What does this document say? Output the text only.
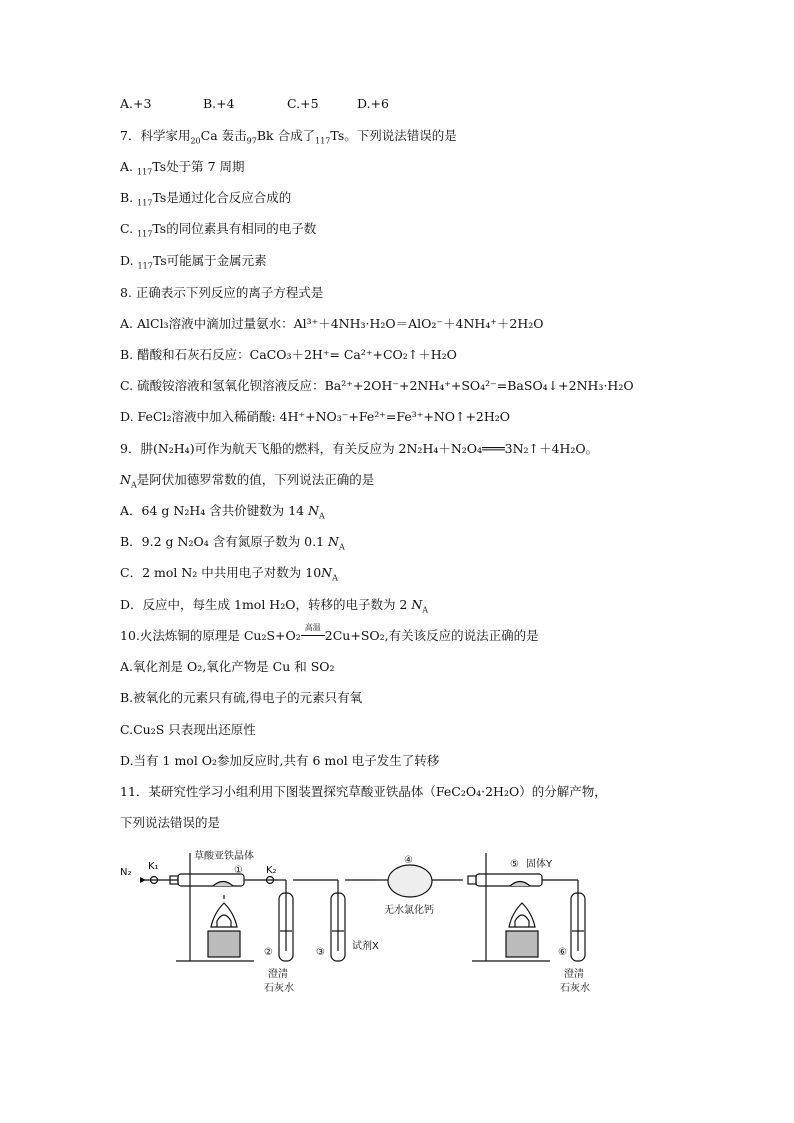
A.+3	B.+4	C.+5	D.+6
7．科学家用$_{20}$Ca 轰击$_{97}$Bk 合成了$_{117}$Ts。下列说法错误的是
A. $_{117}$Ts处于第 7 周期
B. $_{117}$Ts是通过化合反应合成的
C. $_{117}$Ts的同位素具有相同的电子数
D. $_{117}$Ts可能属于金属元素
8. 正确表示下列反应的离子方程式是
A. AlCl₃溶液中滴加过量氨水：Al³⁺＋4NH₃·H₂O＝AlO₂⁻＋4NH₄⁺＋2H₂O
B. 醋酸和石灰石反应：CaCO₃＋2H⁺= Ca²⁺+CO₂↑＋H₂O
C. 硫酸铵溶液和氢氧化钡溶液反应：Ba²⁺+2OH⁻+2NH₄⁺+SO₄²⁻=BaSO₄↓+2NH₃·H₂O
D. FeCl₂溶液中加入稀硝酸: 4H⁺+NO₃⁻+Fe²⁺=Fe³⁺+NO↑+2H₂O
9．肼(N₂H₄)可作为航天飞船的燃料，有关反应为 2N₂H₄＋N₂O₄═══3N₂↑＋4H₂O。
$N_A$是阿伏加德罗常数的值，下列说法正确的是
A．64 g N₂H₄ 含共价键数为 14 $N_A$
B．9.2 g N₂O₄ 含有氮原子数为 0.1 $N_A$
C．2 mol N₂ 中共用电子对数为 $10N_A$
D．反应中，每生成 1mol H₂O，转移的电子数为 2 $N_A$
10.火法炼铜的原理是 Cu₂S+O₂
高温
2Cu+SO₂,有关该反应的说法正确的是
A.氧化剂是 O₂,氧化产物是 Cu 和 SO₂
B.被氧化的元素只有硫,得电子的元素只有氧
C.Cu₂S 只表现出还原性
D.当有 1 mol O₂参加反应时,共有 6 mol 电子发生了转移
11．某研究性学习小组利用下图装置探究草酸亚铁晶体（FeC₂O₄·2H₂O）的分解产物，
下列说法错误的是
N₂
K₁	K₂
草酸亚铁晶体
①
②	③
④	⑤
⑥
固体Y
无水氯化钙
试剂X
澄清
石灰水
澄清
石灰水
